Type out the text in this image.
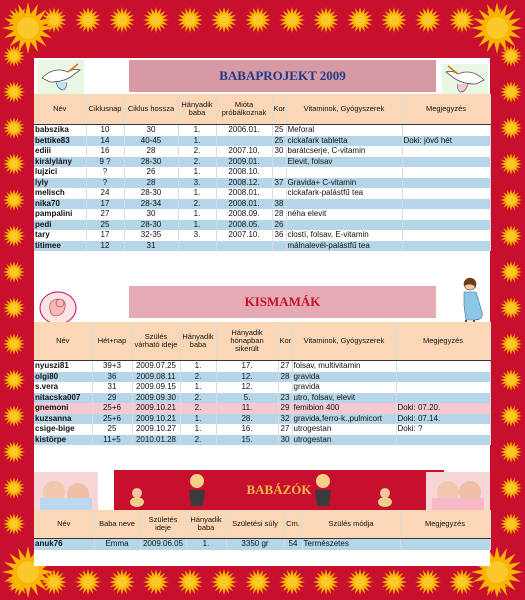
BABAPROJEKT 2009
Név	Ciklusnap	Ciklus hossza	Hányadik baba	Mióta próbálkoznak	Kor	Vitaminok, Gyógyszerek	Megjegyzés
babszika	10	30	1.	2006.01.	25	Meforal	
bettike83	14	40-45	1.		25	cickafark tabletta	Doki: jövő hét
ediii	16	28	2.	2007.10.	30	barátcserje, C-vitamin	
királylány	9 ?	28-30	2.	2009.01.		Elevit, folsav	
lujzici	?	26	1.	2008.10.			
lyly	?	28	3.	2008.12.	37	Gravida+ C-vitamin	
melisch	24	28-30	1.	2008.01.		cickafark-palástfű tea	
nika70	17	28-34	2.	2008.01.	38		
pampalini	27	30	1.	2008.09.	28	néha elevit	
pedi	25	28-30	1.	2008.05.	26		
tary	17	32-35	3.	2007.10.	36	clostí, folsav, E-vitamin	
titimee	12	31				málnalevél-palástfű tea	
KISMAMÁK
Név	Hét+nap	Szülés várható ideje	Hányadik baba	Hányadik hónapban sikerült	Kor	Vitaminok, Gyógyszerek	Megjegyzés
nyuszi81	39+3	2009.07.25	1.	17.	27	folsav, multivitamin	
olgi80	36	2009.08.11	2.	12.	28	gravida	
s.vera	31	2009.09.15	1.	12.		gravida	
nitacska007	29	2009.09.30	2.	5.	23	utro, folsav, elevit	
gnemoni	25+6	2009.10.21	2.	11.	29	femibion 400	Doki: 07.20.
kuzsanna	25+6	2009.10.21	1.	28.	32	gravida,ferro-k.,pulmicort	Doki: 07.14.
csige-bige	25	2009.10.27	1.	16.	27	utrogestan	Doki: ?
kistörpe	11+5	2010.01.28	2.	15.	30	utrogestan	
BABÁZÓK
Név	Baba neve	Születés ideje	Hányadik baba	Születési súly	Cm.	Szülés módja	Megjegyzés
anuk76	Emma	2009.06.05	1.	3350 gr	54	Természetes	
